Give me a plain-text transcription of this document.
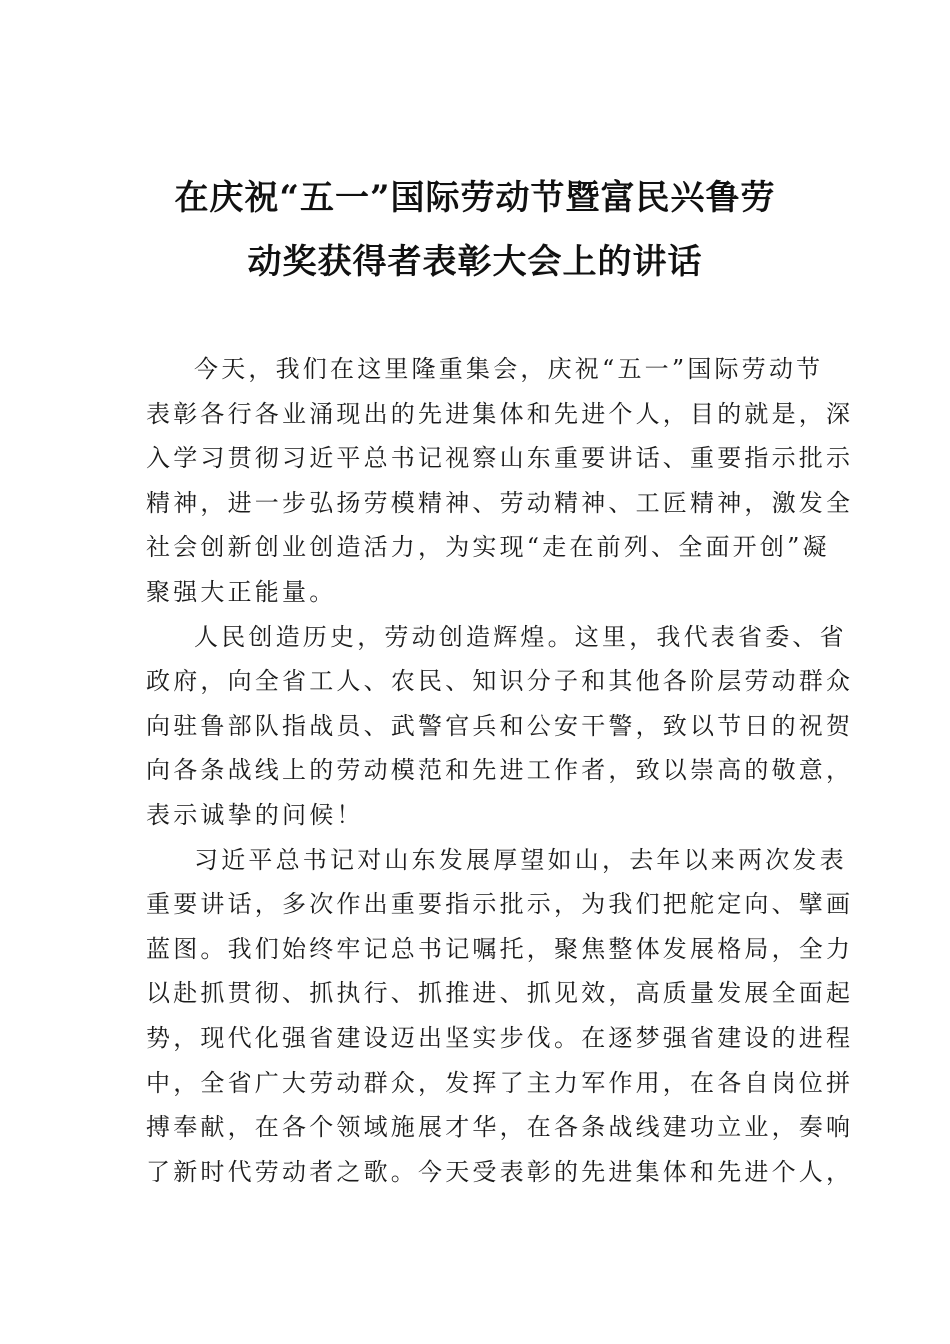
在庆祝“五一”国际劳动节暨富民兴鲁劳
动奖获得者表彰大会上的讲话
今天，我们在这里隆重集会，庆祝“五一”国际劳动节
表彰各行各业涌现出的先进集体和先进个人，目的就是，深
入学习贯彻习近平总书记视察山东重要讲话、重要指示批示
精神，进一步弘扬劳模精神、劳动精神、工匠精神，激发全
社会创新创业创造活力，为实现“走在前列、全面开创”凝
聚强大正能量。
人民创造历史，劳动创造辉煌。这里，我代表省委、省
政府，向全省工人、农民、知识分子和其他各阶层劳动群众
向驻鲁部队指战员、武警官兵和公安干警，致以节日的祝贺
向各条战线上的劳动模范和先进工作者，致以崇高的敬意，
表示诚挚的问候！
习近平总书记对山东发展厚望如山，去年以来两次发表
重要讲话，多次作出重要指示批示，为我们把舵定向、擘画
蓝图。我们始终牢记总书记嘱托，聚焦整体发展格局，全力
以赴抓贯彻、抓执行、抓推进、抓见效，高质量发展全面起
势，现代化强省建设迈出坚实步伐。在逐梦强省建设的进程
中，全省广大劳动群众，发挥了主力军作用，在各自岗位拼
搏奉献，在各个领域施展才华，在各条战线建功立业，奏响
了新时代劳动者之歌。今天受表彰的先进集体和先进个人，
